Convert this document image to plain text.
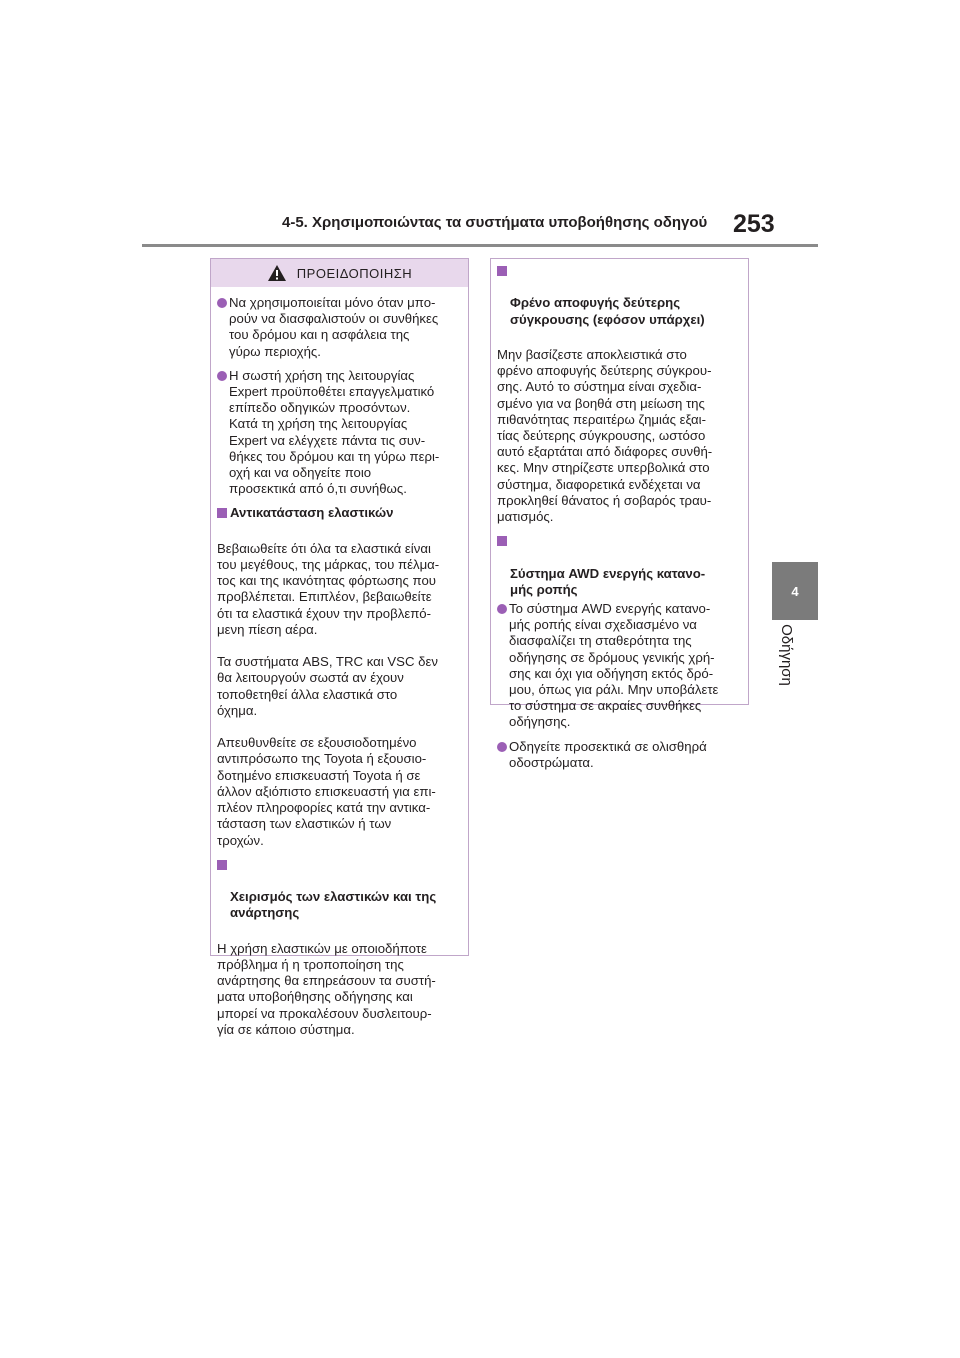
4-5. Χρησιμοποιώντας τα συστήματα υποβοήθησης οδηγού 253
4
Οδήγηση
ΠΡΟΕΙΔΟΠΟΙΗΣΗ
Να χρησιμοποιείται μόνο όταν μπο-
ρούν να διασφαλιστούν οι συνθήκες
του δρόμου και η ασφάλεια της
γύρω περιοχής.
Η σωστή χρήση της λειτουργίας
Expert προϋποθέτει επαγγελματικό
επίπεδο οδηγικών προσόντων.
Κατά τη χρήση της λειτουργίας
Expert να ελέγχετε πάντα τις συν-
θήκες του δρόμου και τη γύρω περι-
οχή και να οδηγείτε ποιο
προσεκτικά από ό,τι συνήθως.
Αντικατάσταση ελαστικών

Βεβαιωθείτε ότι όλα τα ελαστικά είναι
του μεγέθους, της μάρκας, του πέλμα-
τος και της ικανότητας φόρτωσης που
προβλέπεται. Επιπλέον, βεβαιωθείτε
ότι τα ελαστικά έχουν την προβλεπό-
μενη πίεση αέρα.

Τα συστήματα ABS, TRC και VSC δεν
θα λειτουργούν σωστά αν έχουν
τοποθετηθεί άλλα ελαστικά στο
όχημα.

Απευθυνθείτε σε εξουσιοδοτημένο
αντιπρόσωπο της Toyota ή εξουσιο-
δοτημένο επισκευαστή Toyota ή σε
άλλον αξιόπιστο επισκευαστή για επι-
πλέον πληροφορίες κατά την αντικα-
τάσταση των ελαστικών ή των
τροχών.

Χειρισμός των ελαστικών και της
ανάρτησης

Η χρήση ελαστικών με οποιοδήποτε
πρόβλημα ή η τροποποίηση της
ανάρτησης θα επηρεάσουν τα συστή-
ματα υποβοήθησης οδήγησης και
μπορεί να προκαλέσουν δυσλειτουρ-
γία σε κάποιο σύστημα.

Φρένο αποφυγής δεύτερης
σύγκρουσης (εφόσον υπάρχει)

Μην βασίζεστε αποκλειστικά στο
φρένο αποφυγής δεύτερης σύγκρου-
σης. Αυτό το σύστημα είναι σχεδια-
σμένο για να βοηθά στη μείωση της
πιθανότητας περαιτέρω ζημιάς εξαι-
τίας δεύτερης σύγκρουσης, ωστόσο
αυτό εξαρτάται από διάφορες συνθή-
κες. Μην στηρίζεστε υπερβολικά στο
σύστημα, διαφορετικά ενδέχεται να
προκληθεί θάνατος ή σοβαρός τραυ-
ματισμός.

Σύστημα AWD ενεργής κατανο-
μής ροπής

Το σύστημα AWD ενεργής κατανο-
μής ροπής είναι σχεδιασμένο να
διασφαλίζει τη σταθερότητα της
οδήγησης σε δρόμους γενικής χρή-
σης και όχι για οδήγηση εκτός δρό-
μου, όπως για ράλι. Μην υποβάλετε
το σύστημα σε ακραίες συνθήκες
οδήγησης.
Οδηγείτε προσεκτικά σε ολισθηρά
οδοστρώματα.
